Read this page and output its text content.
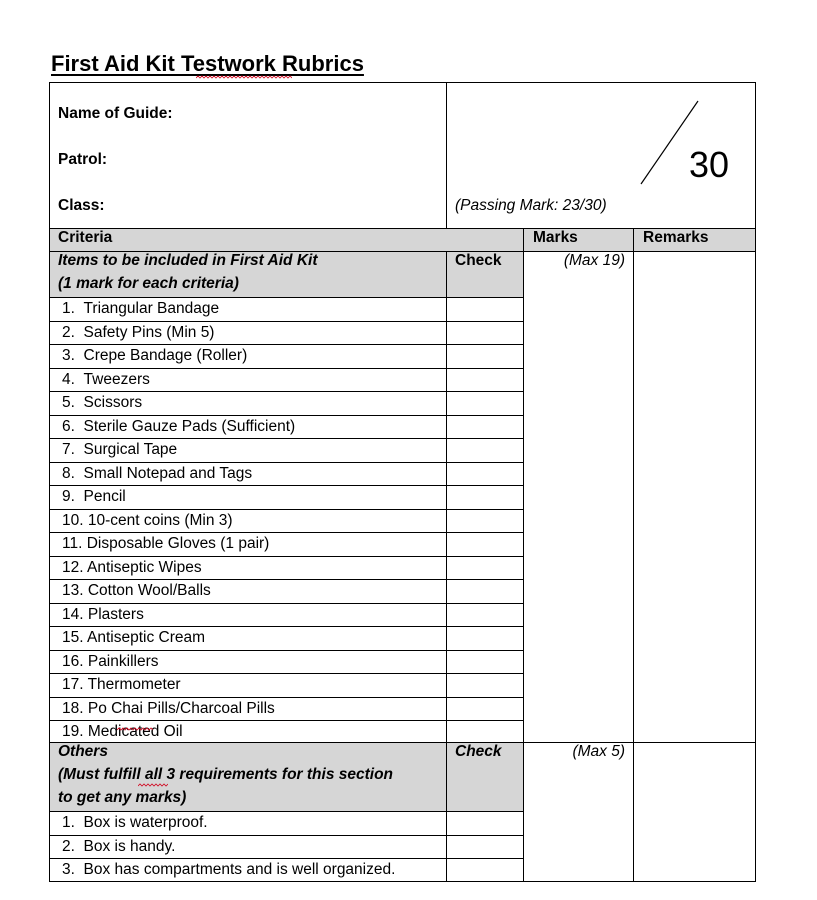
First Aid Kit Testwork Rubrics
Name of Guide:
Patrol:
Class:	(Passing Mark: 23/30)
Criteria	Marks	Remarks
Items to be included in First Aid Kit
(1 mark for each criteria)
Check	(Max 19)
1.  Triangular Bandage
2.  Safety Pins (Min 5)
3.  Crepe Bandage (Roller)
4.  Tweezers
5.  Scissors
6.  Sterile Gauze Pads (Sufficient)
7.  Surgical Tape
8.  Small Notepad and Tags
9.  Pencil
10. 10-cent coins (Min 3)
11. Disposable Gloves (1 pair)
12. Antiseptic Wipes
13. Cotton Wool/Balls
14. Plasters
15. Antiseptic Cream
16. Painkillers
17. Thermometer
18. Po Chai Pills/Charcoal Pills
19. Medicated Oil
Others
(Must fulfill all 3 requirements for this section
to get any marks)
Check	(Max 5)
1.  Box is waterproof.
2.  Box is handy.
3.  Box has compartments and is well organized.
30
